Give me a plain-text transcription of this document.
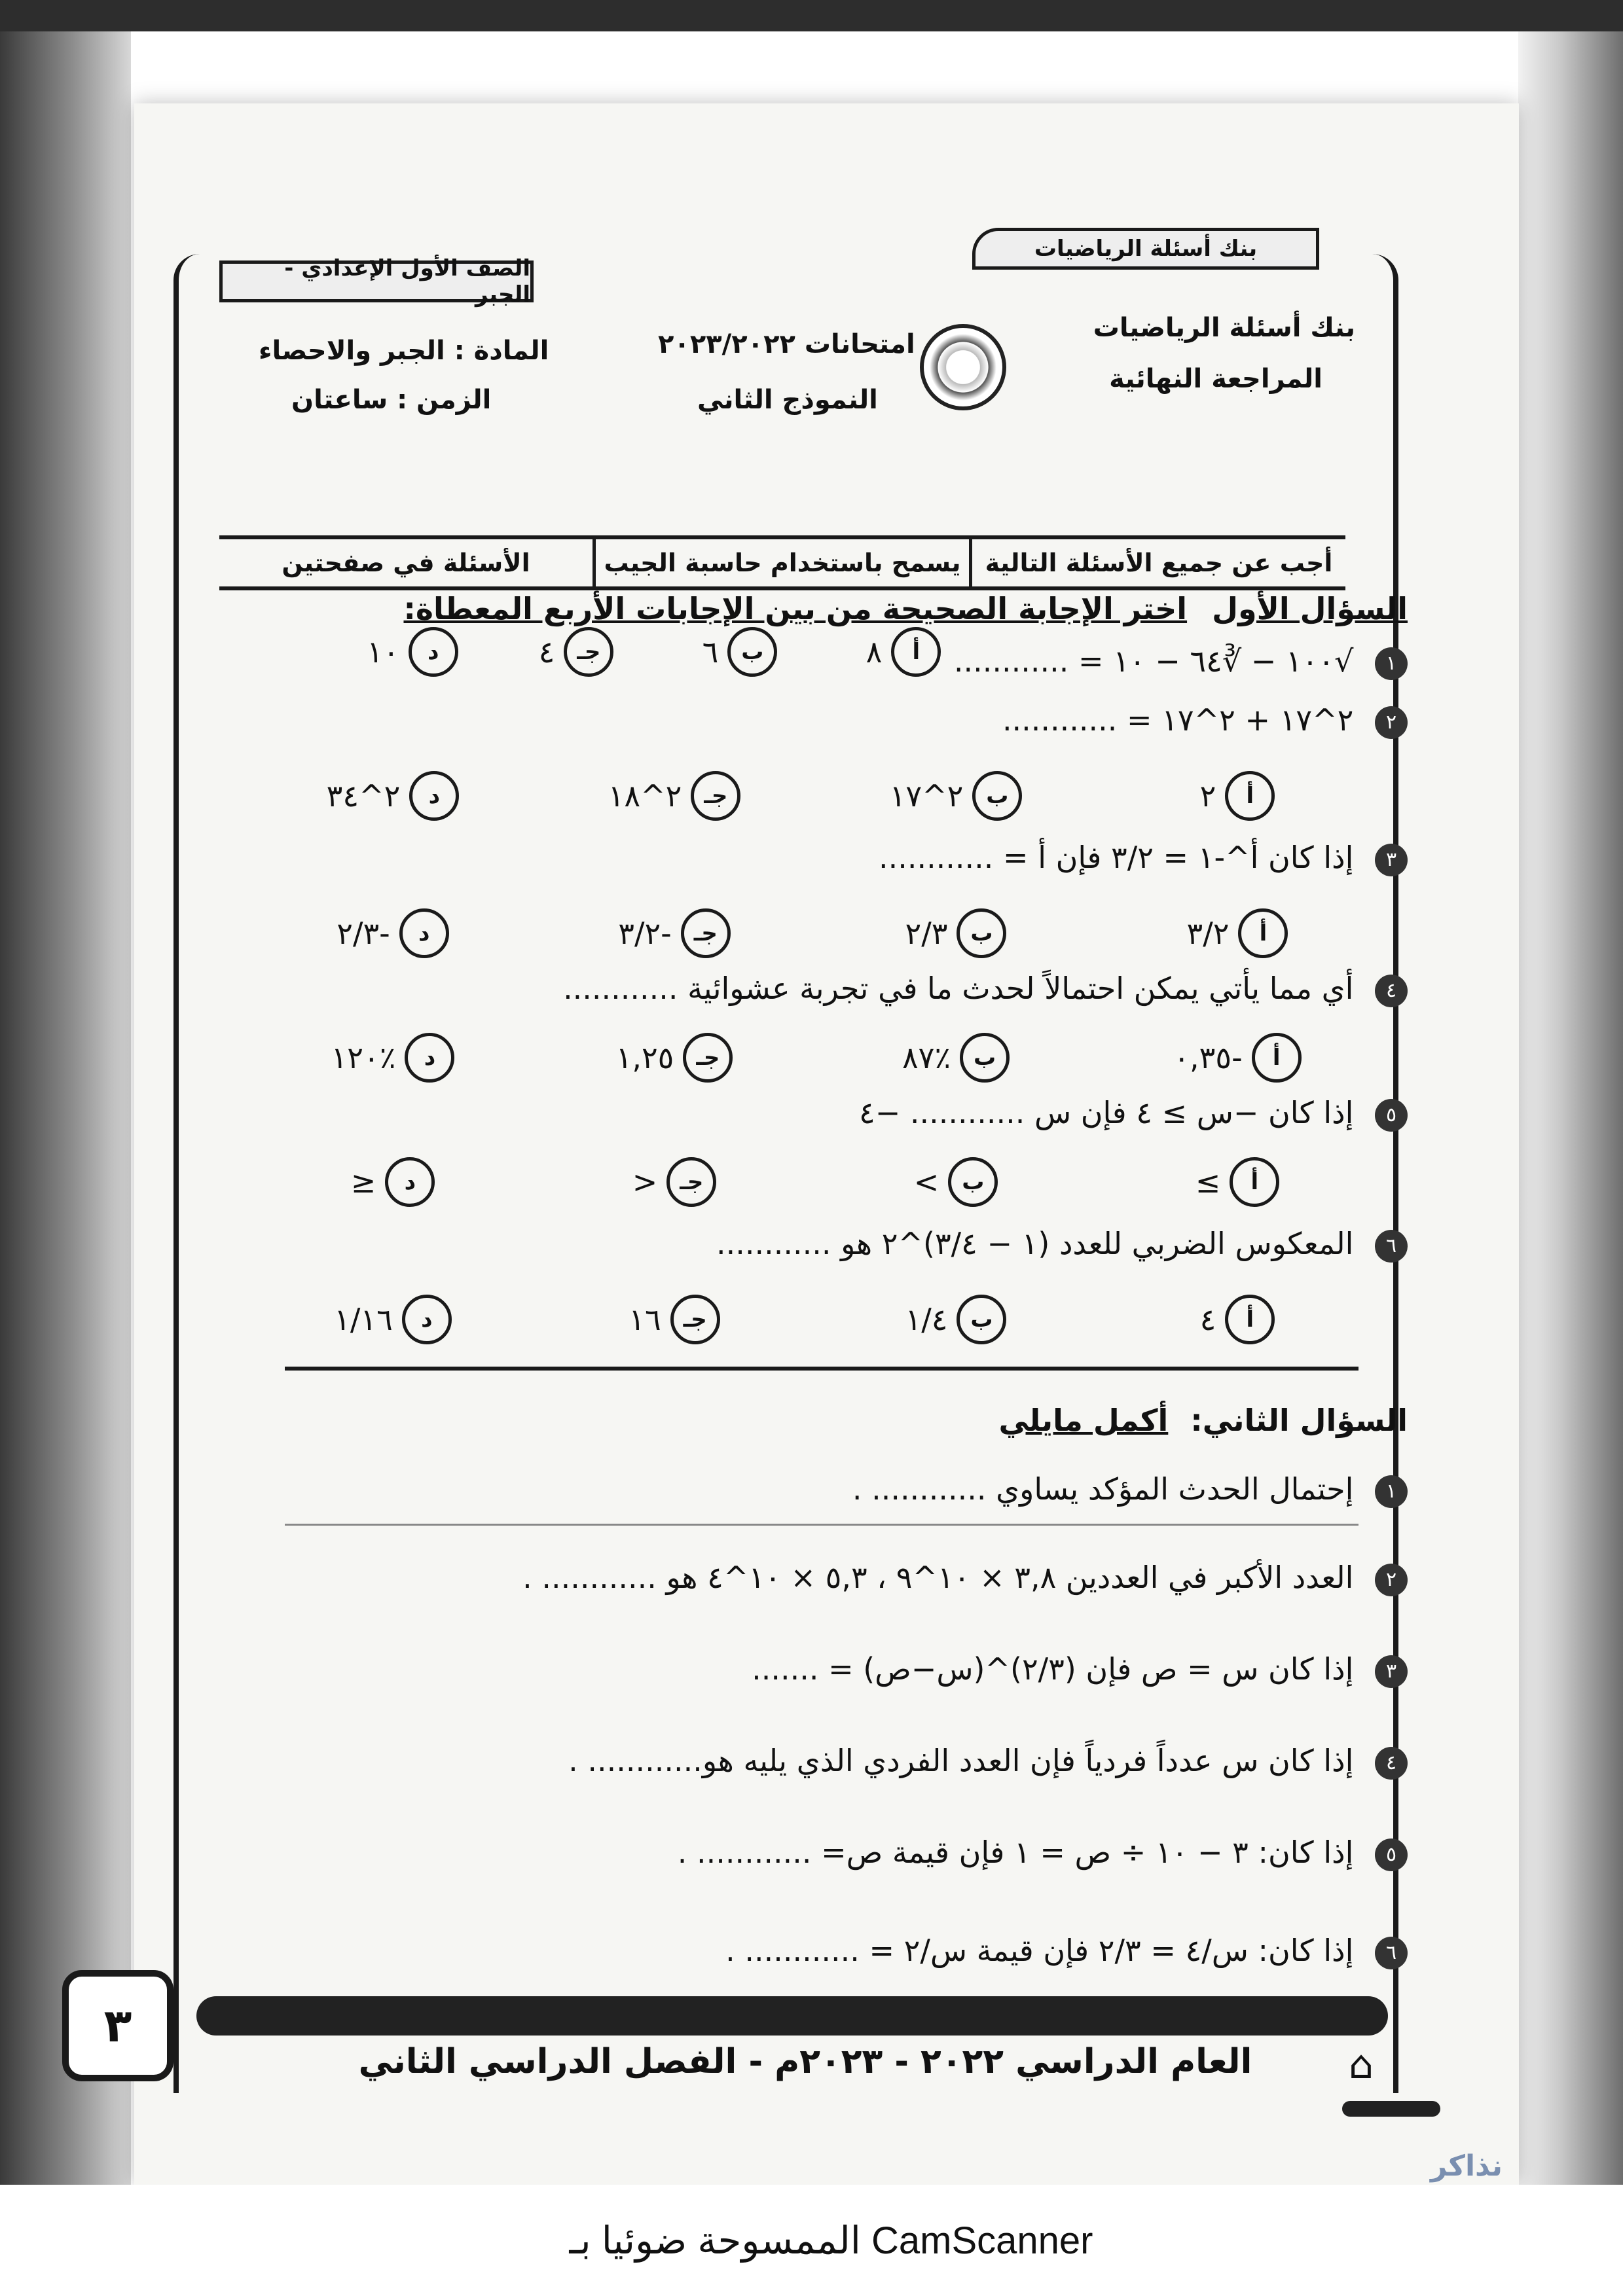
بنك أسئلة الرياضيات
الصف الأول الإعدادي - الجبر
بنك أسئلة الرياضيات
المراجعة النهائية
امتحانات ٢٠٢٣/٢٠٢٢
النموذج الثاني
المادة : الجبر والاحصاء
الزمن : ساعتان
أجب عن جميع الأسئلة التالية
يسمح باستخدام حاسبة الجيب
الأسئلة في صفحتين
السؤال الأول اختر الإجابة الصحيحة من بين الإجابات الأربع المعطاة:
١ √١٠٠ − ∛٦٤ − ١٠ = ............
أ
٨
ب
٦
جـ
٤
د
١٠
٢ ٢^١٧ + ٢^١٧ = ............
أ
٢
ب
٢^١٧
جـ
٢^١٨
د
٢^٣٤
٣ إذا كان أ^-١ = ٣/٢ فإن أ = ............
أ
٣/٢
ب
٢/٣
جـ
-٣/٢
د
-٢/٣
٤ أي مما يأتي يمكن احتمالاً لحدث ما في تجربة عشوائية ............
أ
-٠,٣٥
ب
٪٨٧
جـ
١,٢٥
د
٪١٢٠
٥ إذا كان −س ≥ ٤ فإن س ............ −٤
أ
≥
ب
>
جـ
<
د
≤
٦ المعكوس الضربي للعدد (١ − ٣/٤)^٢ هو ............
أ
٤
ب
١/٤
جـ
١٦
د
١/١٦
السؤال الثاني: أكمل مايلي
١ إحتمال الحدث المؤكد يساوي ............ .
٢ العدد الأكبر في العددين ٣,٨ × ١٠^٩ ، ٥,٣ × ١٠^٤ هو ............ .
٣ إذا كان س = ص فإن (٢/٣)^(س−ص) = .......
٤ إذا كان س عدداً فردياً فإن العدد الفردي الذي يليه هو............ .
٥ إذا كان: ٣ − ١٠ ÷ ص = ١ فإن قيمة ص= ............ .
٦ إذا كان: س/٤ = ٢/٣ فإن قيمة س/٢ = ............ .
العام الدراسي ٢٠٢٢ - ٢٠٢٣م - الفصل الدراسي الثاني
٣
⌂
نذاكر
الممسوحة ضوئيا بـ CamScanner
